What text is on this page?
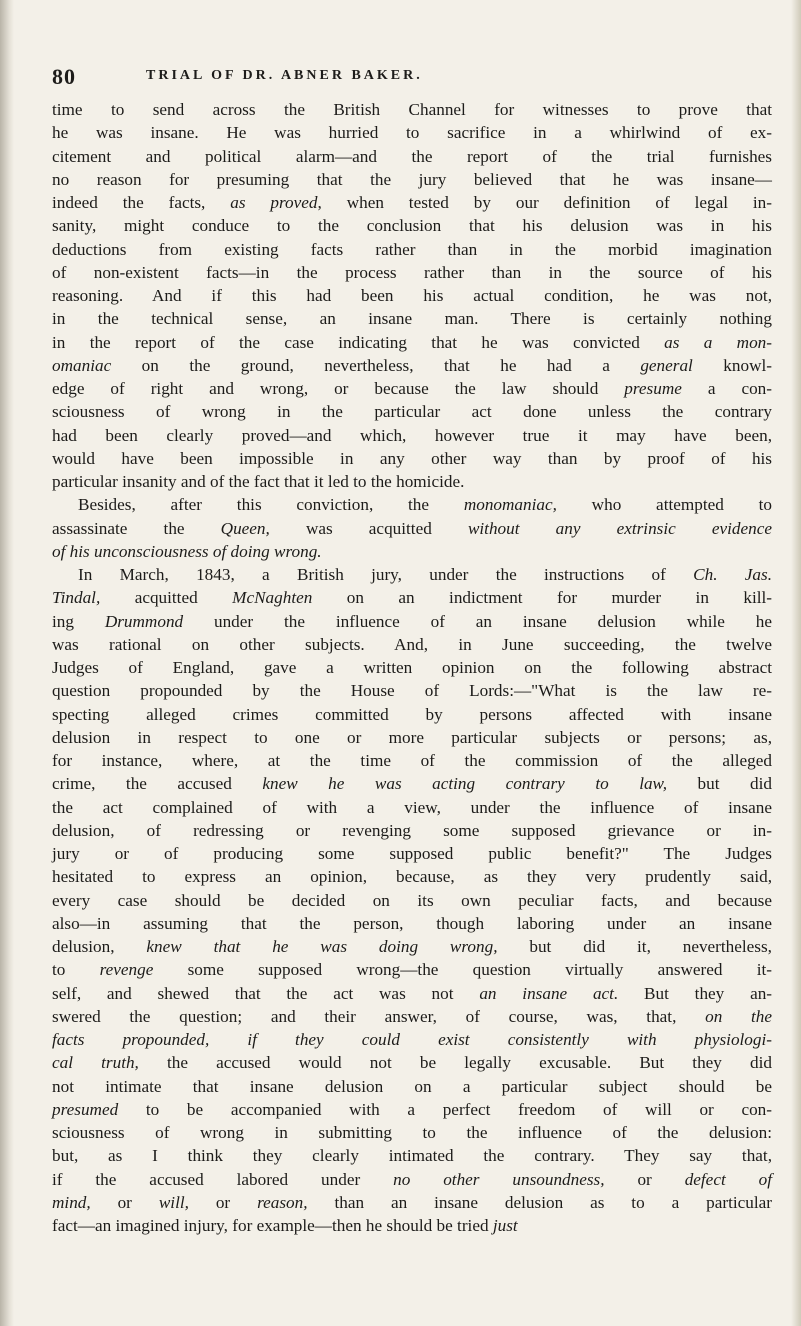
80	TRIAL OF DR. ABNER BAKER.
time to send across the British Channel for witnesses to prove that
he was insane. He was hurried to sacrifice in a whirlwind of ex-
citement and political alarm—and the report of the trial furnishes
no reason for presuming that the jury believed that he was insane—
indeed the facts, as proved, when tested by our definition of legal in-
sanity, might conduce to the conclusion that his delusion was in his
deductions from existing facts rather than in the morbid imagination
of non-existent facts—in the process rather than in the source of his
reasoning. And if this had been his actual condition, he was not,
in the technical sense, an insane man. There is certainly nothing
in the report of the case indicating that he was convicted as a mon-
omaniac on the ground, nevertheless, that he had a general knowl-
edge of right and wrong, or because the law should presume a con-
sciousness of wrong in the particular act done unless the contrary
had been clearly proved—and which, however true it may have been,
would have been impossible in any other way than by proof of his
particular insanity and of the fact that it led to the homicide.
Besides, after this conviction, the monomaniac, who attempted to
assassinate the Queen, was acquitted without any extrinsic evidence
of his unconsciousness of doing wrong.
In March, 1843, a British jury, under the instructions of Ch. Jas.
Tindal, acquitted McNaghten on an indictment for murder in kill-
ing Drummond under the influence of an insane delusion while he
was rational on other subjects. And, in June succeeding, the twelve
Judges of England, gave a written opinion on the following abstract
question propounded by the House of Lords:—"What is the law re-
specting alleged crimes committed by persons affected with insane
delusion in respect to one or more particular subjects or persons; as,
for instance, where, at the time of the commission of the alleged
crime, the accused knew he was acting contrary to law, but did
the act complained of with a view, under the influence of insane
delusion, of redressing or revenging some supposed grievance or in-
jury or of producing some supposed public benefit?" The Judges
hesitated to express an opinion, because, as they very prudently said,
every case should be decided on its own peculiar facts, and because
also—in assuming that the person, though laboring under an insane
delusion, knew that he was doing wrong, but did it, nevertheless,
to revenge some supposed wrong—the question virtually answered it-
self, and shewed that the act was not an insane act. But they an-
swered the question; and their answer, of course, was, that, on the
facts propounded, if they could exist consistently with physiologi-
cal truth, the accused would not be legally excusable. But they did
not intimate that insane delusion on a particular subject should be
presumed to be accompanied with a perfect freedom of will or con-
sciousness of wrong in submitting to the influence of the delusion:
but, as I think they clearly intimated the contrary. They say that,
if the accused labored under no other unsoundness, or defect of
mind, or will, or reason, than an insane delusion as to a particular
fact—an imagined injury, for example—then he should be tried just
